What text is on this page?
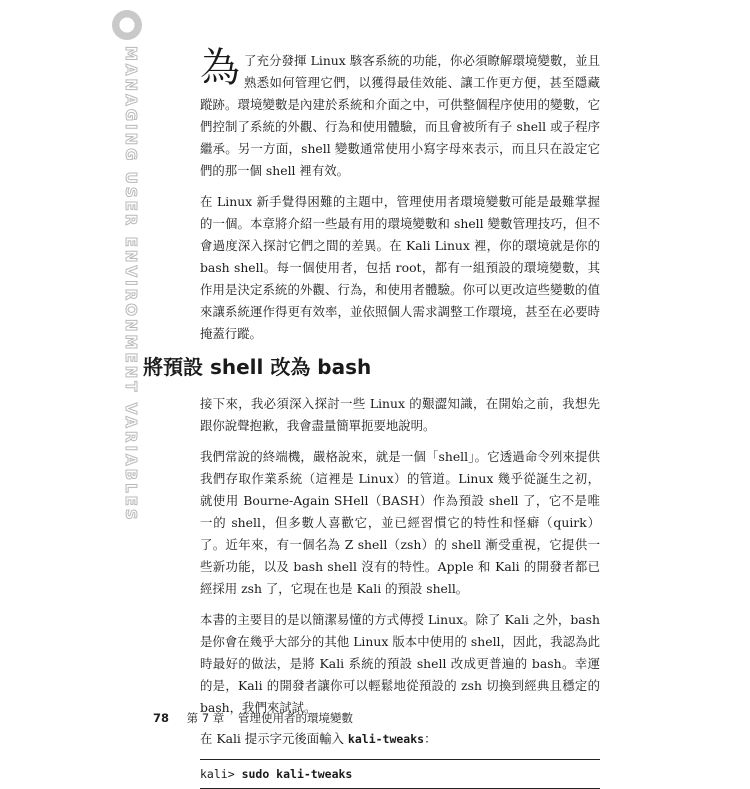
MANAGING USER ENVIRONMENT VARIABLES 為了充分發揮 Linux 駭客系統的功能，你必須瞭解環境變數，並且熟悉如何管理它們，以獲得最佳效能、讓工作更方便，甚至隱藏蹤跡。環境變數是內建於系統和介面之中，可供整個程序使用的變數，它們控制了系統的外觀、行為和使用體驗，而且會被所有子 shell 或子程序繼承。另一方面，shell 變數通常使用小寫字母來表示，而且只在設定它們的那一個 shell 裡有效。

在 Linux 新手覺得困難的主題中，管理使用者環境變數可能是最難掌握的一個。本章將介紹一些最有用的環境變數和 shell 變數管理技巧，但不會過度深入探討它們之間的差異。在 Kali Linux 裡，你的環境就是你的 bash shell。每一個使用者，包括 root，都有一組預設的環境變數，其作用是決定系統的外觀、行為，和使用者體驗。你可以更改這些變數的值來讓系統運作得更有效率，並依照個人需求調整工作環境，甚至在必要時掩蓋行蹤。

將預設 shell 改為 bash

接下來，我必須深入探討一些 Linux 的艱澀知識，在開始之前，我想先跟你說聲抱歉，我會盡量簡單扼要地說明。

我們常說的終端機，嚴格說來，就是一個「shell」。它透過命令列來提供我們存取作業系統（這裡是 Linux）的管道。Linux 幾乎從誕生之初，就使用 Bourne-Again SHell（BASH）作為預設 shell 了，它不是唯一的 shell，但多數人喜歡它，並已經習慣它的特性和怪癖（quirk）了。近年來，有一個名為 Z shell（zsh）的 shell 漸受重視，它提供一些新功能，以及 bash shell 沒有的特性。Apple 和 Kali 的開發者都已經採用 zsh 了，它現在也是 Kali 的預設 shell。

本書的主要目的是以簡潔易懂的方式傳授 Linux。除了 Kali 之外，bash 是你會在幾乎大部分的其他 Linux 版本中使用的 shell，因此，我認為此時最好的做法，是將 Kali 系統的預設 shell 改成更普遍的 bash。幸運的是，Kali 的開發者讓你可以輕鬆地從預設的 zsh 切換到經典且穩定的 bash，我們來試試。

在 Kali 提示字元後面輸入 kali-tweaks：

kali> sudo kali-tweaks
78 第 7 章 管理使用者的環境變數
